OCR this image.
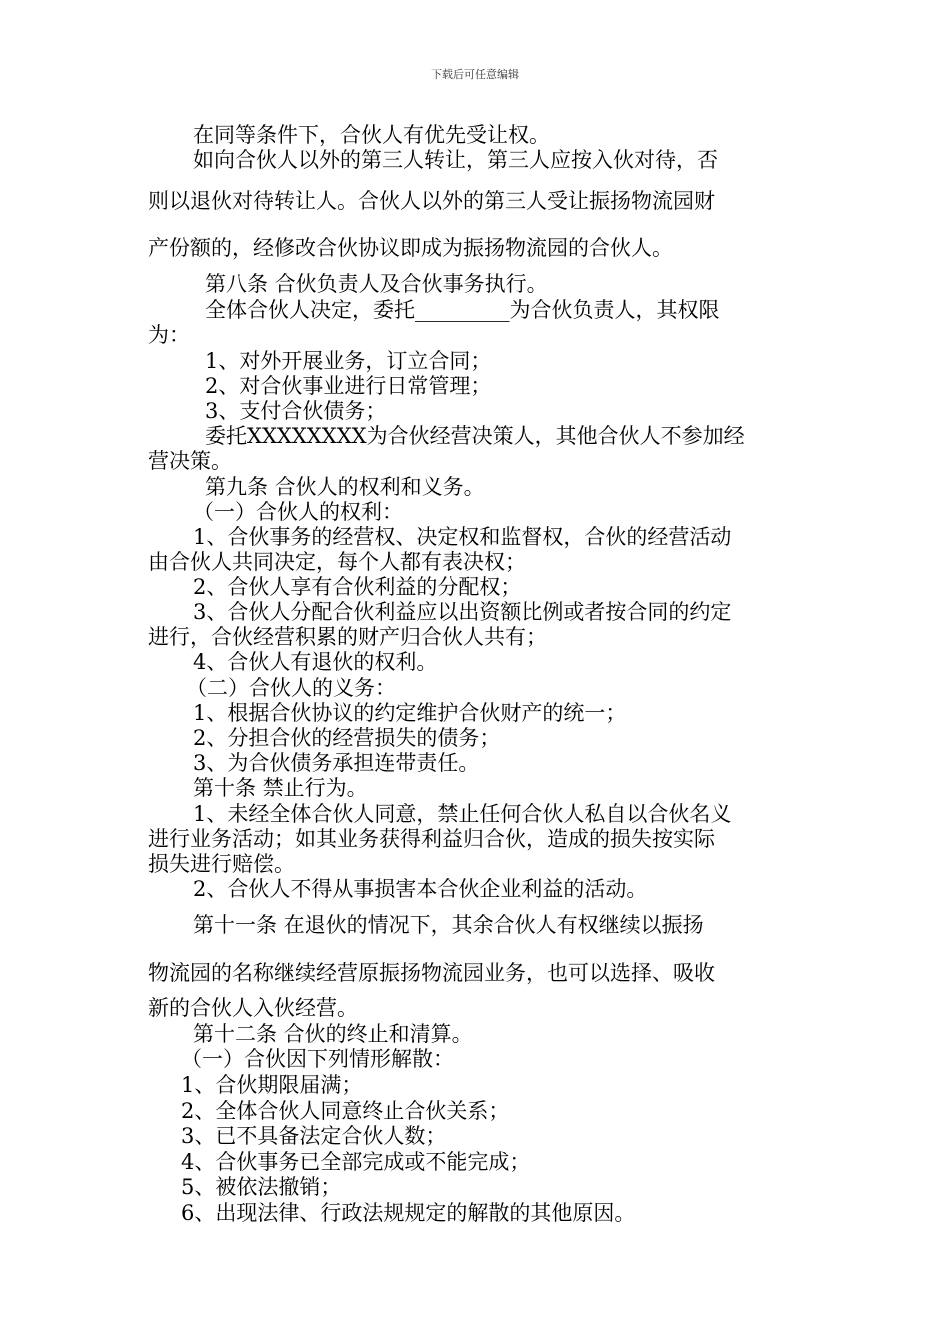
下载后可任意编辑
在同等条件下，合伙人有优先受让权。
如向合伙人以外的第三人转让，第三人应按入伙对待，否
则以退伙对待转让人。合伙人以外的第三人受让振扬物流园财
产份额的，经修改合伙协议即成为振扬物流园的合伙人。
第八条 合伙负责人及合伙事务执行。
全体合伙人决定，委托_________为合伙负责人，其权限
为：
1、对外开展业务，订立合同；
2、对合伙事业进行日常管理；
3、支付合伙债务；
委托XXXXXXXX为合伙经营决策人，其他合伙人不参加经
营决策。
第九条 合伙人的权利和义务。
（一）合伙人的权利：
1、合伙事务的经营权、决定权和监督权，合伙的经营活动
由合伙人共同决定，每个人都有表决权；
2、合伙人享有合伙利益的分配权；
3、合伙人分配合伙利益应以出资额比例或者按合同的约定
进行，合伙经营积累的财产归合伙人共有；
4、合伙人有退伙的权利。
（二）合伙人的义务：
1、根据合伙协议的约定维护合伙财产的统一；
2、分担合伙的经营损失的债务；
3、为合伙债务承担连带责任。
第十条 禁止行为。
1、未经全体合伙人同意，禁止任何合伙人私自以合伙名义
进行业务活动；如其业务获得利益归合伙，造成的损失按实际
损失进行赔偿。
2、合伙人不得从事损害本合伙企业利益的活动。
第十一条 在退伙的情况下，其余合伙人有权继续以振扬
物流园的名称继续经营原振扬物流园业务，也可以选择、吸收
新的合伙人入伙经营。
第十二条 合伙的终止和清算。
（一）合伙因下列情形解散：
1、合伙期限届满；
2、全体合伙人同意终止合伙关系；
3、已不具备法定合伙人数；
4、合伙事务已全部完成或不能完成；
5、被依法撤销；
6、出现法律、行政法规规定的解散的其他原因。
